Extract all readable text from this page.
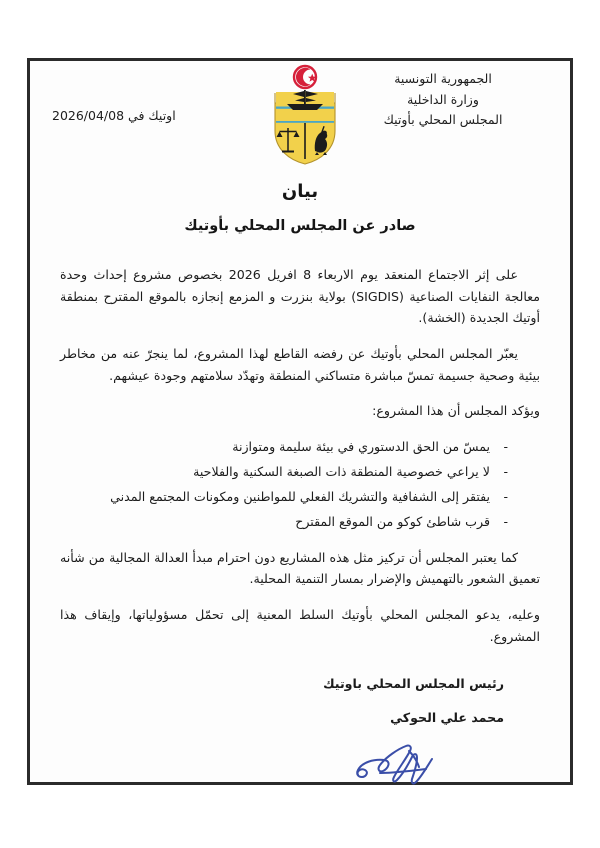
الجمهورية التونسية
وزارة الداخلية
المجلس المحلي بأوتيك
اوتيك في 2026/04/08
بيان
صادر عن المجلس المحلي بأوتيك

على إثر الاجتماع المنعقد يوم الاربعاء 8 افريل 2026 بخصوص مشروع إحداث وحدة معالجة النفايات الصناعية (SIGDIS) بولاية بنزرت و المزمع إنجازه بالموقع المقترح بمنطقة أوتيك الجديدة (الخشة).

يعبّر المجلس المحلي بأوتيك عن رفضه القاطع لهذا المشروع، لما ينجرّ عنه من مخاطر بيئية وصحية جسيمة تمسّ مباشرة متساكني المنطقة وتهدّد سلامتهم وجودة عيشهم.

ويؤكد المجلس أن هذا المشروع:

- يمسّ من الحق الدستوري في بيئة سليمة ومتوازنة
- لا يراعي خصوصية المنطقة ذات الصبغة السكنية والفلاحية
- يفتقر إلى الشفافية والتشريك الفعلي للمواطنين ومكونات المجتمع المدني
- قرب شاطئ كوكو من الموقع المقترح

كما يعتبر المجلس أن تركيز مثل هذه المشاريع دون احترام مبدأ العدالة المجالية من شأنه تعميق الشعور بالتهميش والإضرار بمسار التنمية المحلية.

وعليه، يدعو المجلس المحلي بأوتيك السلط المعنية إلى تحمّل مسؤولياتها، وإيقاف هذا المشروع.

رئيس المجلس المحلي باوتيك
محمد علي الحوكي
